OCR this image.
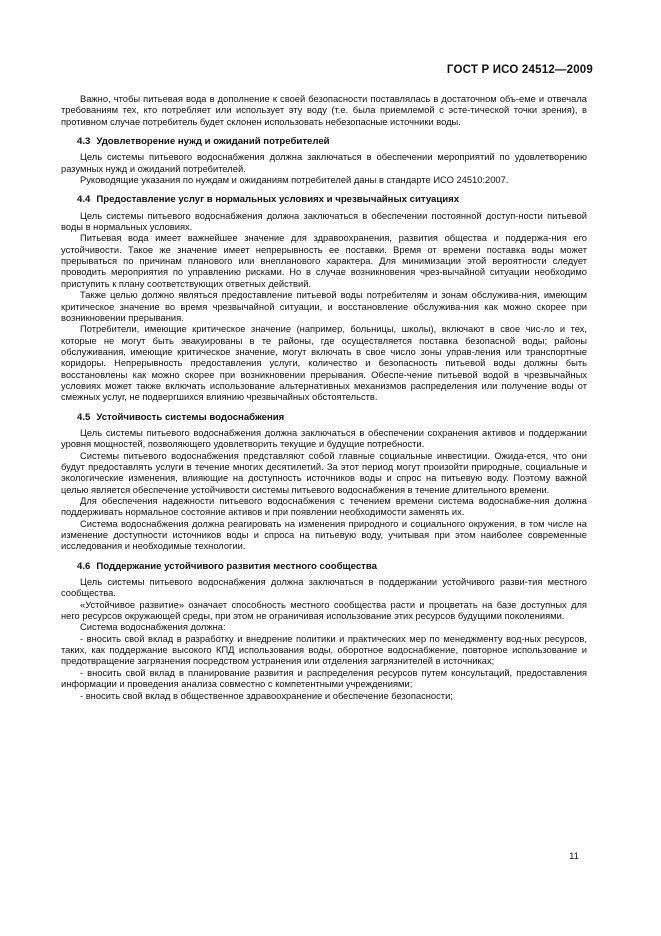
ГОСТ Р ИСО 24512—2009

Важно, чтобы питьевая вода в дополнение к своей безопасности поставлялась в достаточном объ-еме и отвечала требованиям тех, кто потребляет или использует эту воду (т.е. была приемлемой с эсте-тической точки зрения), в противном случае потребитель будет склонен использовать небезопасные источники воды.

4.3 Удовлетворение нужд и ожиданий потребителей

Цель системы питьевого водоснабжения должна заключаться в обеспечении мероприятий по удовлетворению разумных нужд и ожиданий потребителей.

Руководящие указания по нуждам и ожиданиям потребителей даны в стандарте ИСО 24510:2007.

4.4 Предоставление услуг в нормальных условиях и чрезвычайных ситуациях

Цель системы питьевого водоснабжения должна заключаться в обеспечении постоянной доступ-ности питьевой воды в нормальных условиях.

Питьевая вода имеет важнейшее значение для здравоохранения, развития общества и поддержа-ния его устойчивости. Такое же значение имеет непрерывность ее поставки. Время от времени поставка воды может прерываться по причинам планового или внепланового характера. Для минимизации этой вероятности следует проводить мероприятия по управлению рисками. Но в случае возникновения чрез-вычайной ситуации необходимо приступить к плану соответствующих ответных действий.

Также целью должно являться предоставление питьевой воды потребителям и зонам обслужива-ния, имеющим критическое значение во время чрезвычайной ситуации, и восстановление обслужива-ния как можно скорее при возникновении прерывания.

Потребители, имеющие критическое значение (например, больницы, школы), включают в свое чис-ло и тех, которые не могут быть эвакуированы в те районы, где осуществляется поставка безопасной воды; районы обслуживания, имеющие критическое значение, могут включать в свое число зоны управ-ления или транспортные коридоры. Непрерывность предоставления услуги, количество и безопасность питьевой воды должны быть восстановлены как можно скорее при возникновении прерывания. Обеспе-чение питьевой водой в чрезвычайных условиях может также включать использование альтернативных механизмов распределения или получение воды от смежных услуг, не подвергшихся влиянию чрезвычайных обстоятельств.

4.5 Устойчивость системы водоснабжения

Цель системы питьевого водоснабжения должна заключаться в обеспечении сохранения активов и поддержании уровня мощностей, позволяющего удовлетворить текущие и будущие потребности.

Системы питьевого водоснабжения представляют собой главные социальные инвестиции. Ожида-ется, что они будут предоставлять услуги в течение многих десятилетий. За этот период могут произойти природные, социальные и экологические изменения, влияющие на доступность источников воды и спрос на питьевую воду. Поэтому важной целью является обеспечение устойчивости системы питьевого водоснабжения в течение длительного времени.

Для обеспечения надежности питьевого водоснабжения с течением времени система водоснабже-ния должна поддерживать нормальное состояние активов и при появлении необходимости заменять их.

Система водоснабжения должна реагировать на изменения природного и социального окружения, в том числе на изменение доступности источников воды и спроса на питьевую воду, учитывая при этом наиболее современные исследования и необходимые технологии.

4.6 Поддержание устойчивого развития местного сообщества

Цель системы питьевого водоснабжения должна заключаться в поддержании устойчивого разви-тия местного сообщества.

«Устойчивое развитие» означает способность местного сообщества расти и процветать на базе доступных для него ресурсов окружающей среды, при этом не ограничивая использование этих ресурсов будущими поколениями.

Система водоснабжения должна:

- вносить свой вклад в разработку и внедрение политики и практических мер по менеджменту вод-ных ресурсов, таких, как поддержание высокого КПД использования воды, оборотное водоснабжение, повторное использование и предотвращение загрязнения посредством устранения или отделения загрязнителей в источниках;

- вносить свой вклад в планирование развития и распределения ресурсов путем консультаций, предоставления информации и проведения анализа совместно с компетентными учреждениями;

- вносить свой вклад в общественное здравоохранение и обеспечение безопасности;

11
